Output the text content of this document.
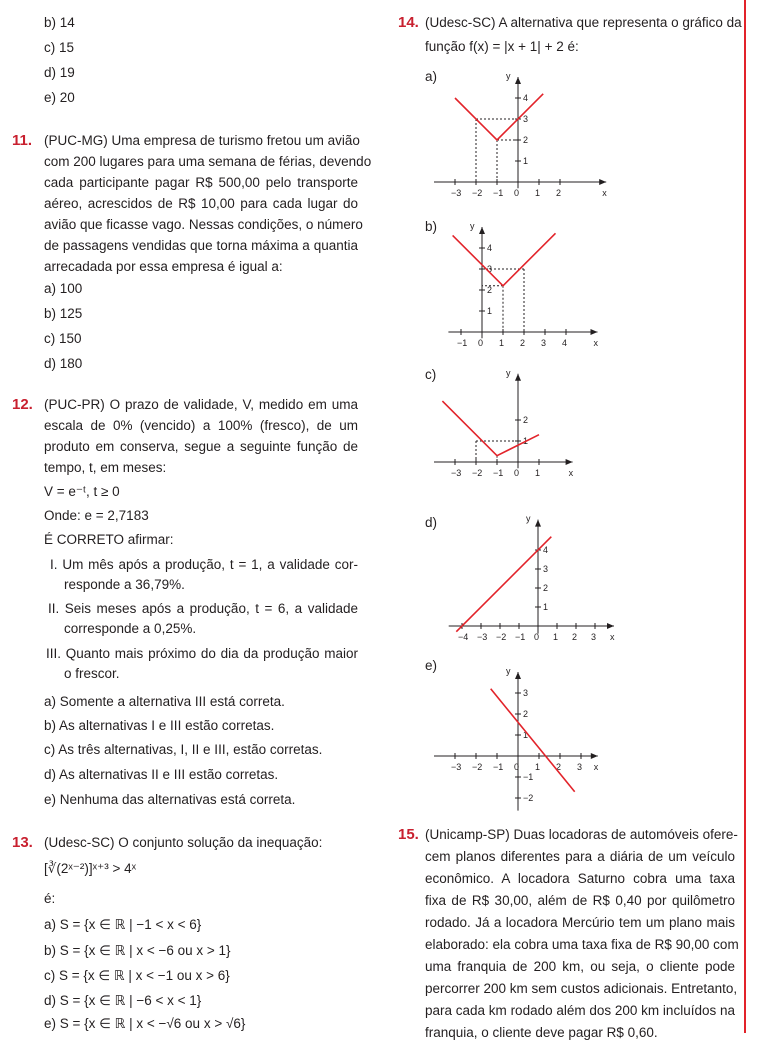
b) 14
c) 15
d) 19
e) 20
11. (PUC-MG) Uma empresa de turismo fretou um avião
com 200 lugares para uma semana de férias, devendo
cada participante pagar R$ 500,00 pelo transporte
aéreo, acrescidos de R$ 10,00 para cada lugar do
avião que ficasse vago. Nessas condições, o número
de passagens vendidas que torna máxima a quantia
arrecadada por essa empresa é igual a:
a) 100
b) 125
c) 150
d) 180
12. (PUC-PR) O prazo de validade, V, medido em uma
escala de 0% (vencido) a 100% (fresco), de um
produto em conserva, segue a seguinte função de
tempo, t, em meses:
V = e⁻ᵗ, t ≥ 0
Onde: e = 2,7183
É CORRETO afirmar:
I. Um mês após a produção, t = 1, a validade cor-
responde a 36,79%.
II. Seis meses após a produção, t = 6, a validade
corresponde a 0,25%.
III. Quanto mais próximo do dia da produção maior
o frescor.
a) Somente a alternativa III está correta.
b) As alternativas I e III estão corretas.
c) As três alternativas, I, II e III, estão corretas.
d) As alternativas II e III estão corretas.
e) Nenhuma das alternativas está correta.
13. (Udesc-SC) O conjunto solução da inequação:
[∛(2ˣ⁻²)]ˣ⁺³ > 4ˣ
é:
a) S = {x ∈ ℝ | −1 < x < 6}
b) S = {x ∈ ℝ | x < −6 ou x > 1}
c) S = {x ∈ ℝ | x < −1 ou x > 6}
d) S = {x ∈ ℝ | −6 < x < 1}
e) S = {x ∈ ℝ | x < −√6 ou x > √6}
14. (Udesc-SC) A alternativa que representa o gráfico da
função f(x) = |x + 1| + 2 é:
a)
b)
c)
d)
e)
x
y
−3 −2 −1 0 1 2
4
3
2
1
x
y
−1 0 1 2 3 4
4
3
2
1
x
y
−3 −2 −1 0 1
2
1
x
y
−4 −3 −2 −1 0 1 2 3
4
3
2
1
x
y
−3 −2 −1 0 1 2 3
3
2
1
−1
−2
15. (Unicamp-SP) Duas locadoras de automóveis ofere-
cem planos diferentes para a diária de um veículo
econômico. A locadora Saturno cobra uma taxa
fixa de R$ 30,00, além de R$ 0,40 por quilômetro
rodado. Já a locadora Mercúrio tem um plano mais
elaborado: ela cobra uma taxa fixa de R$ 90,00 com
uma franquia de 200 km, ou seja, o cliente pode
percorrer 200 km sem custos adicionais. Entretanto,
para cada km rodado além dos 200 km incluídos na
franquia, o cliente deve pagar R$ 0,60.
